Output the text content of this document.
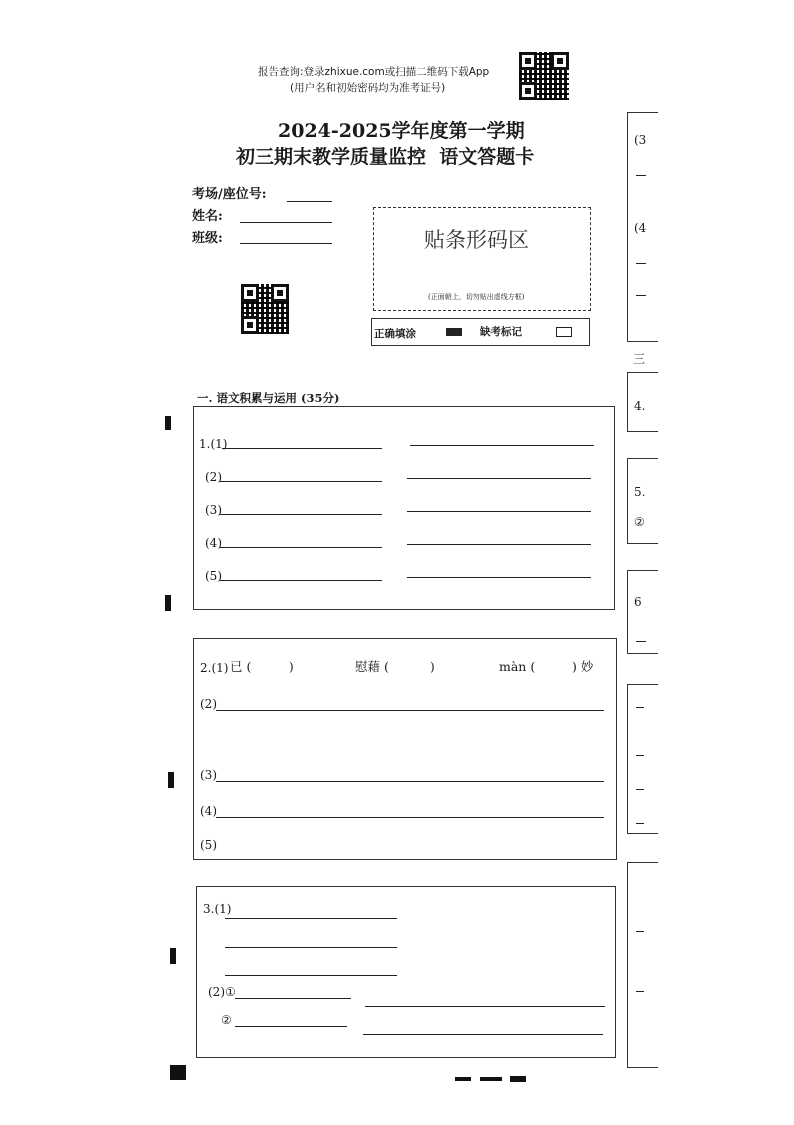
报告查询:登录zhixue.com或扫描二维码下载App
(用户名和初始密码均为准考证号)
2024-2025学年度第一学期
初三期末教学质量监控  语文答题卡
考场/座位号:
姓名:
班级:	贴条形码区
(正面朝上，切勿贴出虚线方框)
正确填涂	缺考标记
一. 语文积累与运用 (35分)
1.(1)
(2)
(3)
(4)
(5)
2.(1) 已 (	)	慰藉 (	)	màn (	) 妙
(2)
(3)
(4)
(5)
3.(1)
(2)①
②
(3
(4
三
4.
5.
②
6
